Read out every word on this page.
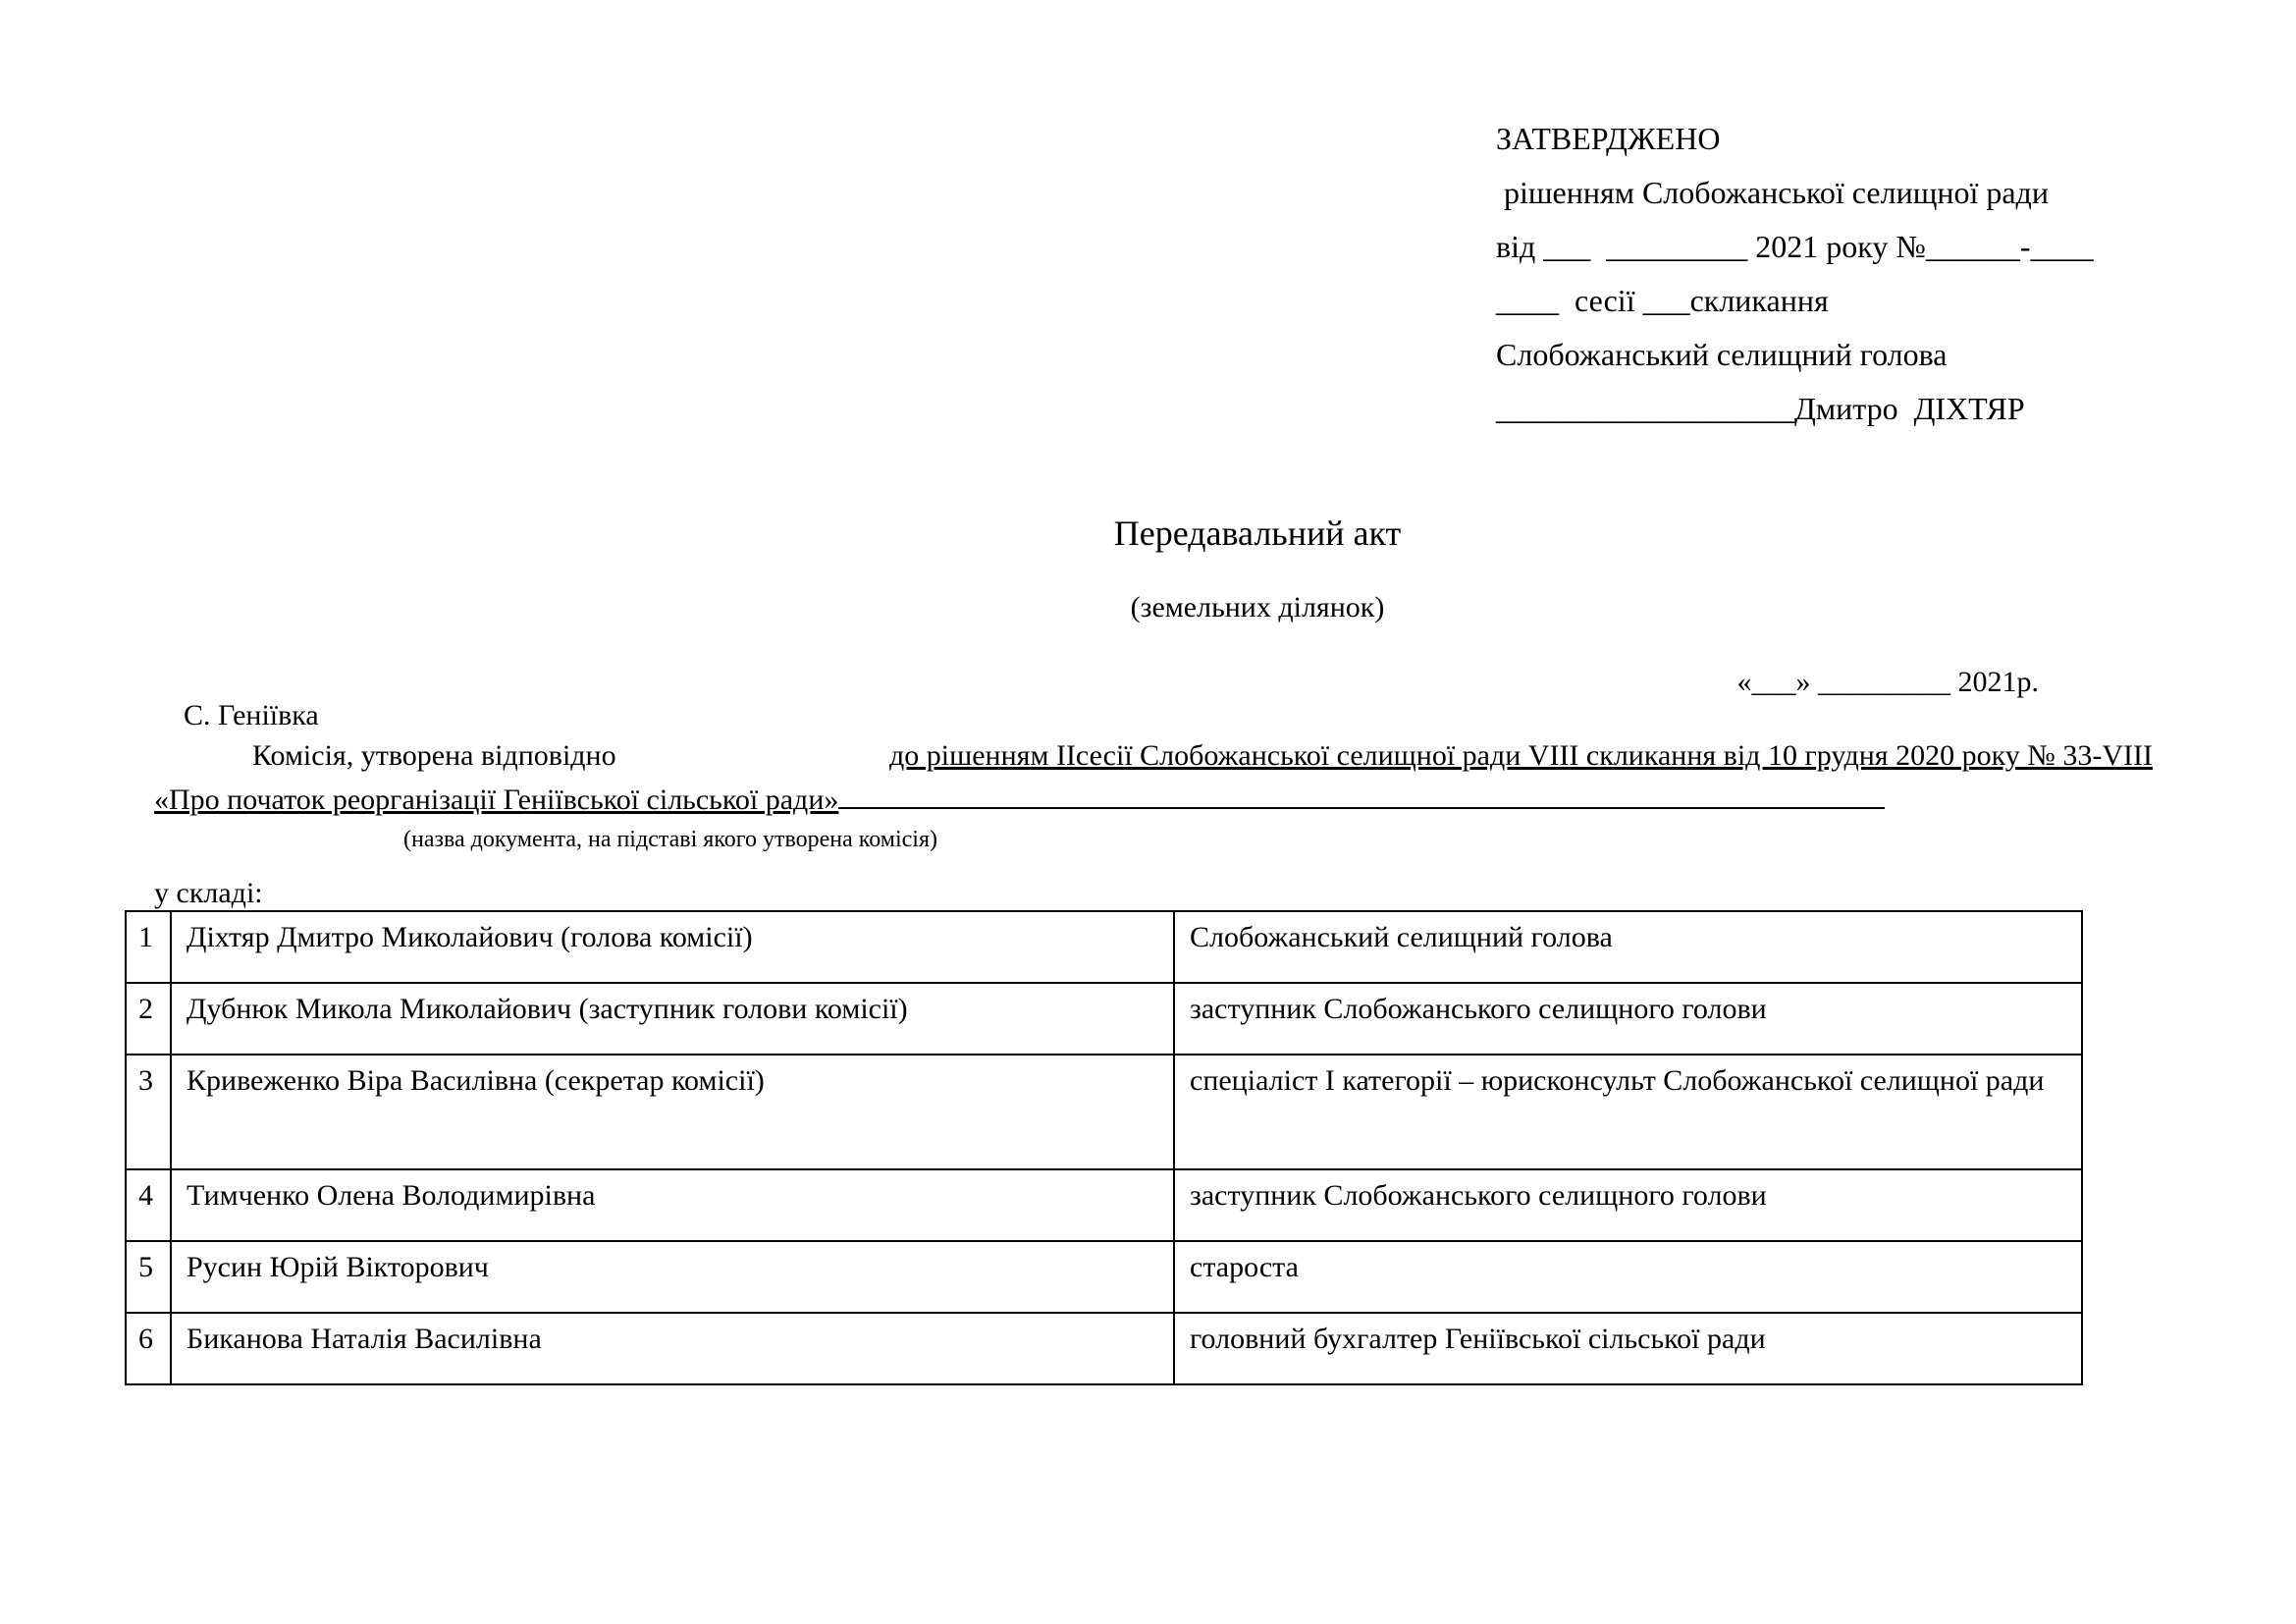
ЗАТВЕРДЖЕНО
рішенням Слобожанської селищної ради
від ___  _________ 2021 року №______-____
____  сесії ___скликання
Слобожанський селищний голова
___________________Дмитро  ДІХТЯР
Передавальний акт
(земельних ділянок)

С. Геніївка

«___» _________ 2021р.

Комісія, утворена відповідно	до рішенням ІІсесії Слобожанської селищної ради VIII скликання від 10 грудня 2020 року № 33-VIII
«Про початок реорганізації Геніївської сільської ради»
(назва документа, на підставі якого утворена комісія)
у складі:
1	Діхтяр Дмитро Миколайович (голова комісії)	Слобожанський селищний голова
2	Дубнюк Микола Миколайович (заступник голови комісії)	заступник Слобожанського селищного голови
3	Кривеженко Віра Василівна (секретар комісії)	спеціаліст І категорії – юрисконсульт Слобожанської селищної ради
4	Тимченко Олена Володимирівна	заступник Слобожанського селищного голови
5	Русин Юрій Вікторович	староста
6	Биканова Наталія Василівна	головний бухгалтер Геніївської сільської ради
